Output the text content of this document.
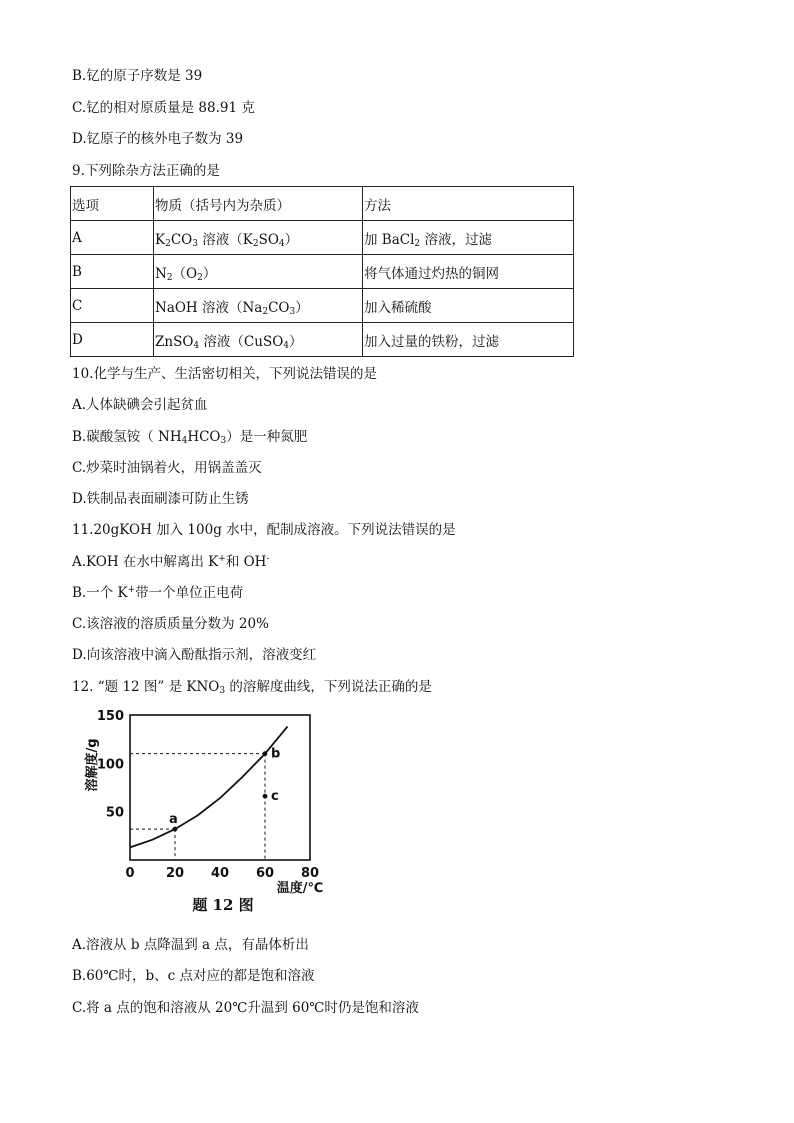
B.钇的原子序数是 39
C.钇的相对原质量是 88.91 克
D.钇原子的核外电子数为 39
9.下列除杂方法正确的是
选项	物质（括号内为杂质）	方法
A	$K_2CO_3$ 溶液$(K_2SO_4)$	加 BaCl$_2$ 溶液，过滤
B	$N_2(O_2)$	将气体通过灼热的铜网
C	NaOH 溶液$(Na_2CO_3)$	加入稀硫酸
D	ZnSO$_4$ 溶液（CuSO$_4$）	加入过量的铁粉，过滤
10.化学与生产、生活密切相关，下列说法错误的是
A.人体缺碘会引起贫血
B.碳酸氢铵（ $NH_4HCO_3$）是一种氮肥
C.炒菜时油锅着火，用锅盖盖灭
D.铁制品表面刷漆可防止生锈
11.20gKOH 加入 100g 水中，配制成溶液。下列说法错误的是
A.KOH 在水中解离出 K+和 OH-
B.一个 K+带一个单位正电荷
C.该溶液的溶质质量分数为 20%
D.向该溶液中滴入酚酞指示剂，溶液变红
12. “题 12 图” 是 $KNO_3$ 的溶解度曲线，下列说法正确的是
0 20 40 60 80
50
100
150
溶解度/g
温度/℃
题 12 图
a
b
c
A.溶液从 b 点降温到 a 点，有晶体析出
B.60℃时，b、c 点对应的都是饱和溶液
C.将 a 点的饱和溶液从 20℃升温到 60℃时仍是饱和溶液
